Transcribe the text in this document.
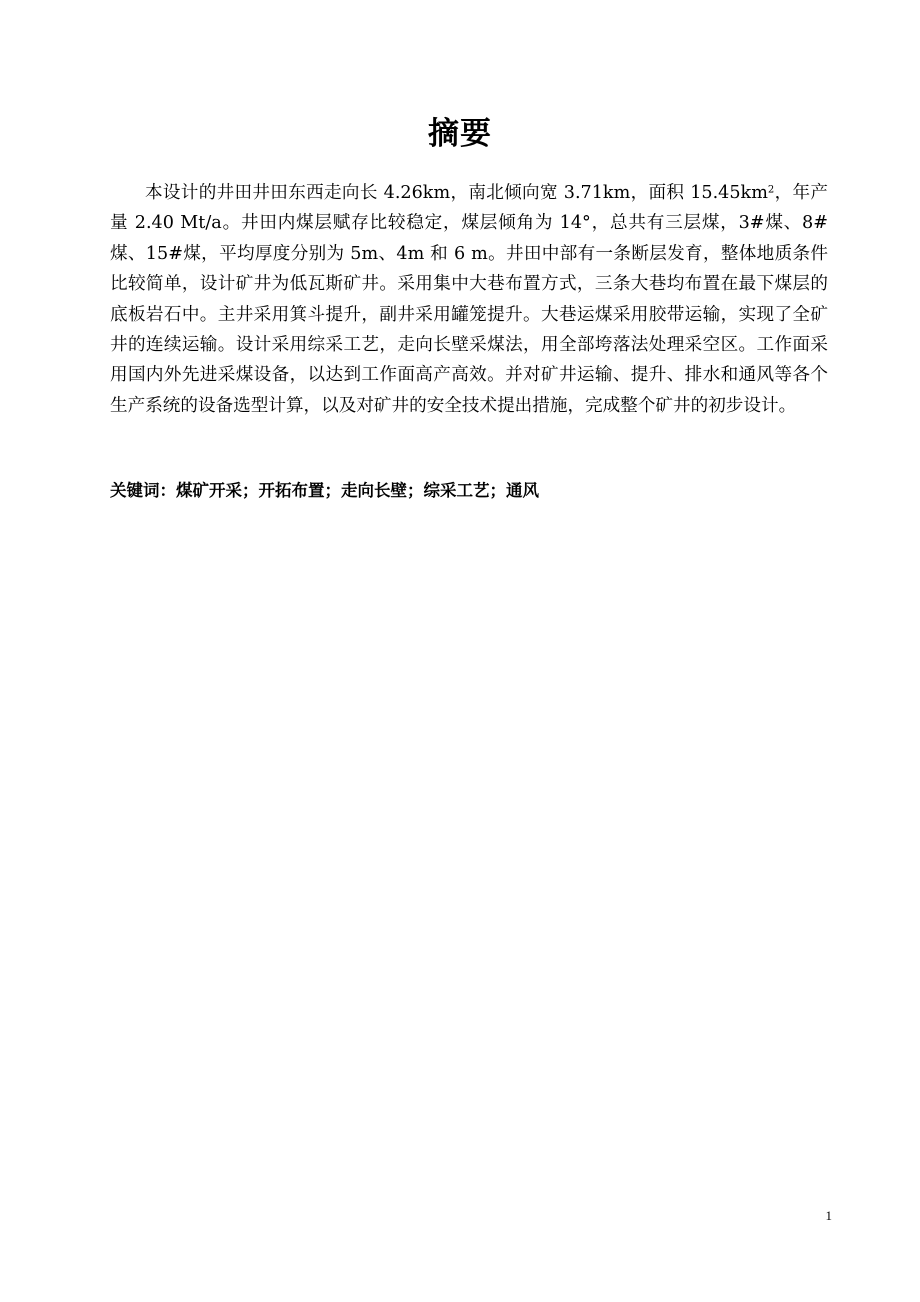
摘要

本设计的井田井田东西走向长 4.26km，南北倾向宽 3.71km，面积 $15.45km^2$，年产量 2.40 Mt/a。井田内煤层赋存比较稳定，煤层倾角为 14°，总共有三层煤，3#煤、8#煤、15#煤，平均厚度分别为 5m、4m 和 6 m。井田中部有一条断层发育，整体地质条件比较简单，设计矿井为低瓦斯矿井。采用集中大巷布置方式，三条大巷均布置在最下煤层的底板岩石中。主井采用箕斗提升，副井采用罐笼提升。大巷运煤采用胶带运输，实现了全矿井的连续运输。设计采用综采工艺，走向长壁采煤法，用全部垮落法处理采空区。工作面采用国内外先进采煤设备，以达到工作面高产高效。并对矿井运输、提升、排水和通风等各个生产系统的设备选型计算，以及对矿井的安全技术提出措施，完成整个矿井的初步设计。

关键词：煤矿开采；开拓布置；走向长壁；综采工艺；通风
1
